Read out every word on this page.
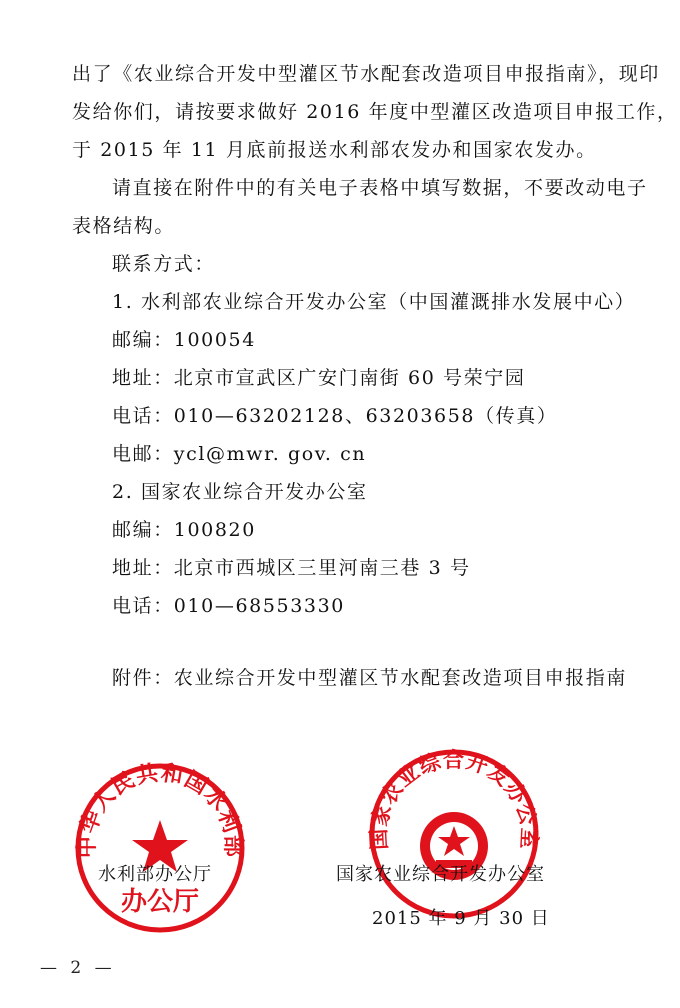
出了《农业综合开发中型灌区节水配套改造项目申报指南》，现印
发给你们，请按要求做好 2016 年度中型灌区改造项目申报工作，
于 2015 年 11 月底前报送水利部农发办和国家农发办。
请直接在附件中的有关电子表格中填写数据，不要改动电子
表格结构。
联系方式：
1. 水利部农业综合开发办公室（中国灌溉排水发展中心）
邮编：100054
地址：北京市宣武区广安门南街 60 号荣宁园
电话：010—63202128、63203658（传真）
电邮：ycl@mwr. gov. cn
2. 国家农业综合开发办公室
邮编：100820
地址：北京市西城区三里河南三巷 3 号
电话：010—68553330
附件：农业综合开发中型灌区节水配套改造项目申报指南
中华人民共和国水利部
办公厅
国家农业综合开发办公室
水利部办公厅	国家农业综合开发办公室
2015 年 9 月 30 日
— 2 —
